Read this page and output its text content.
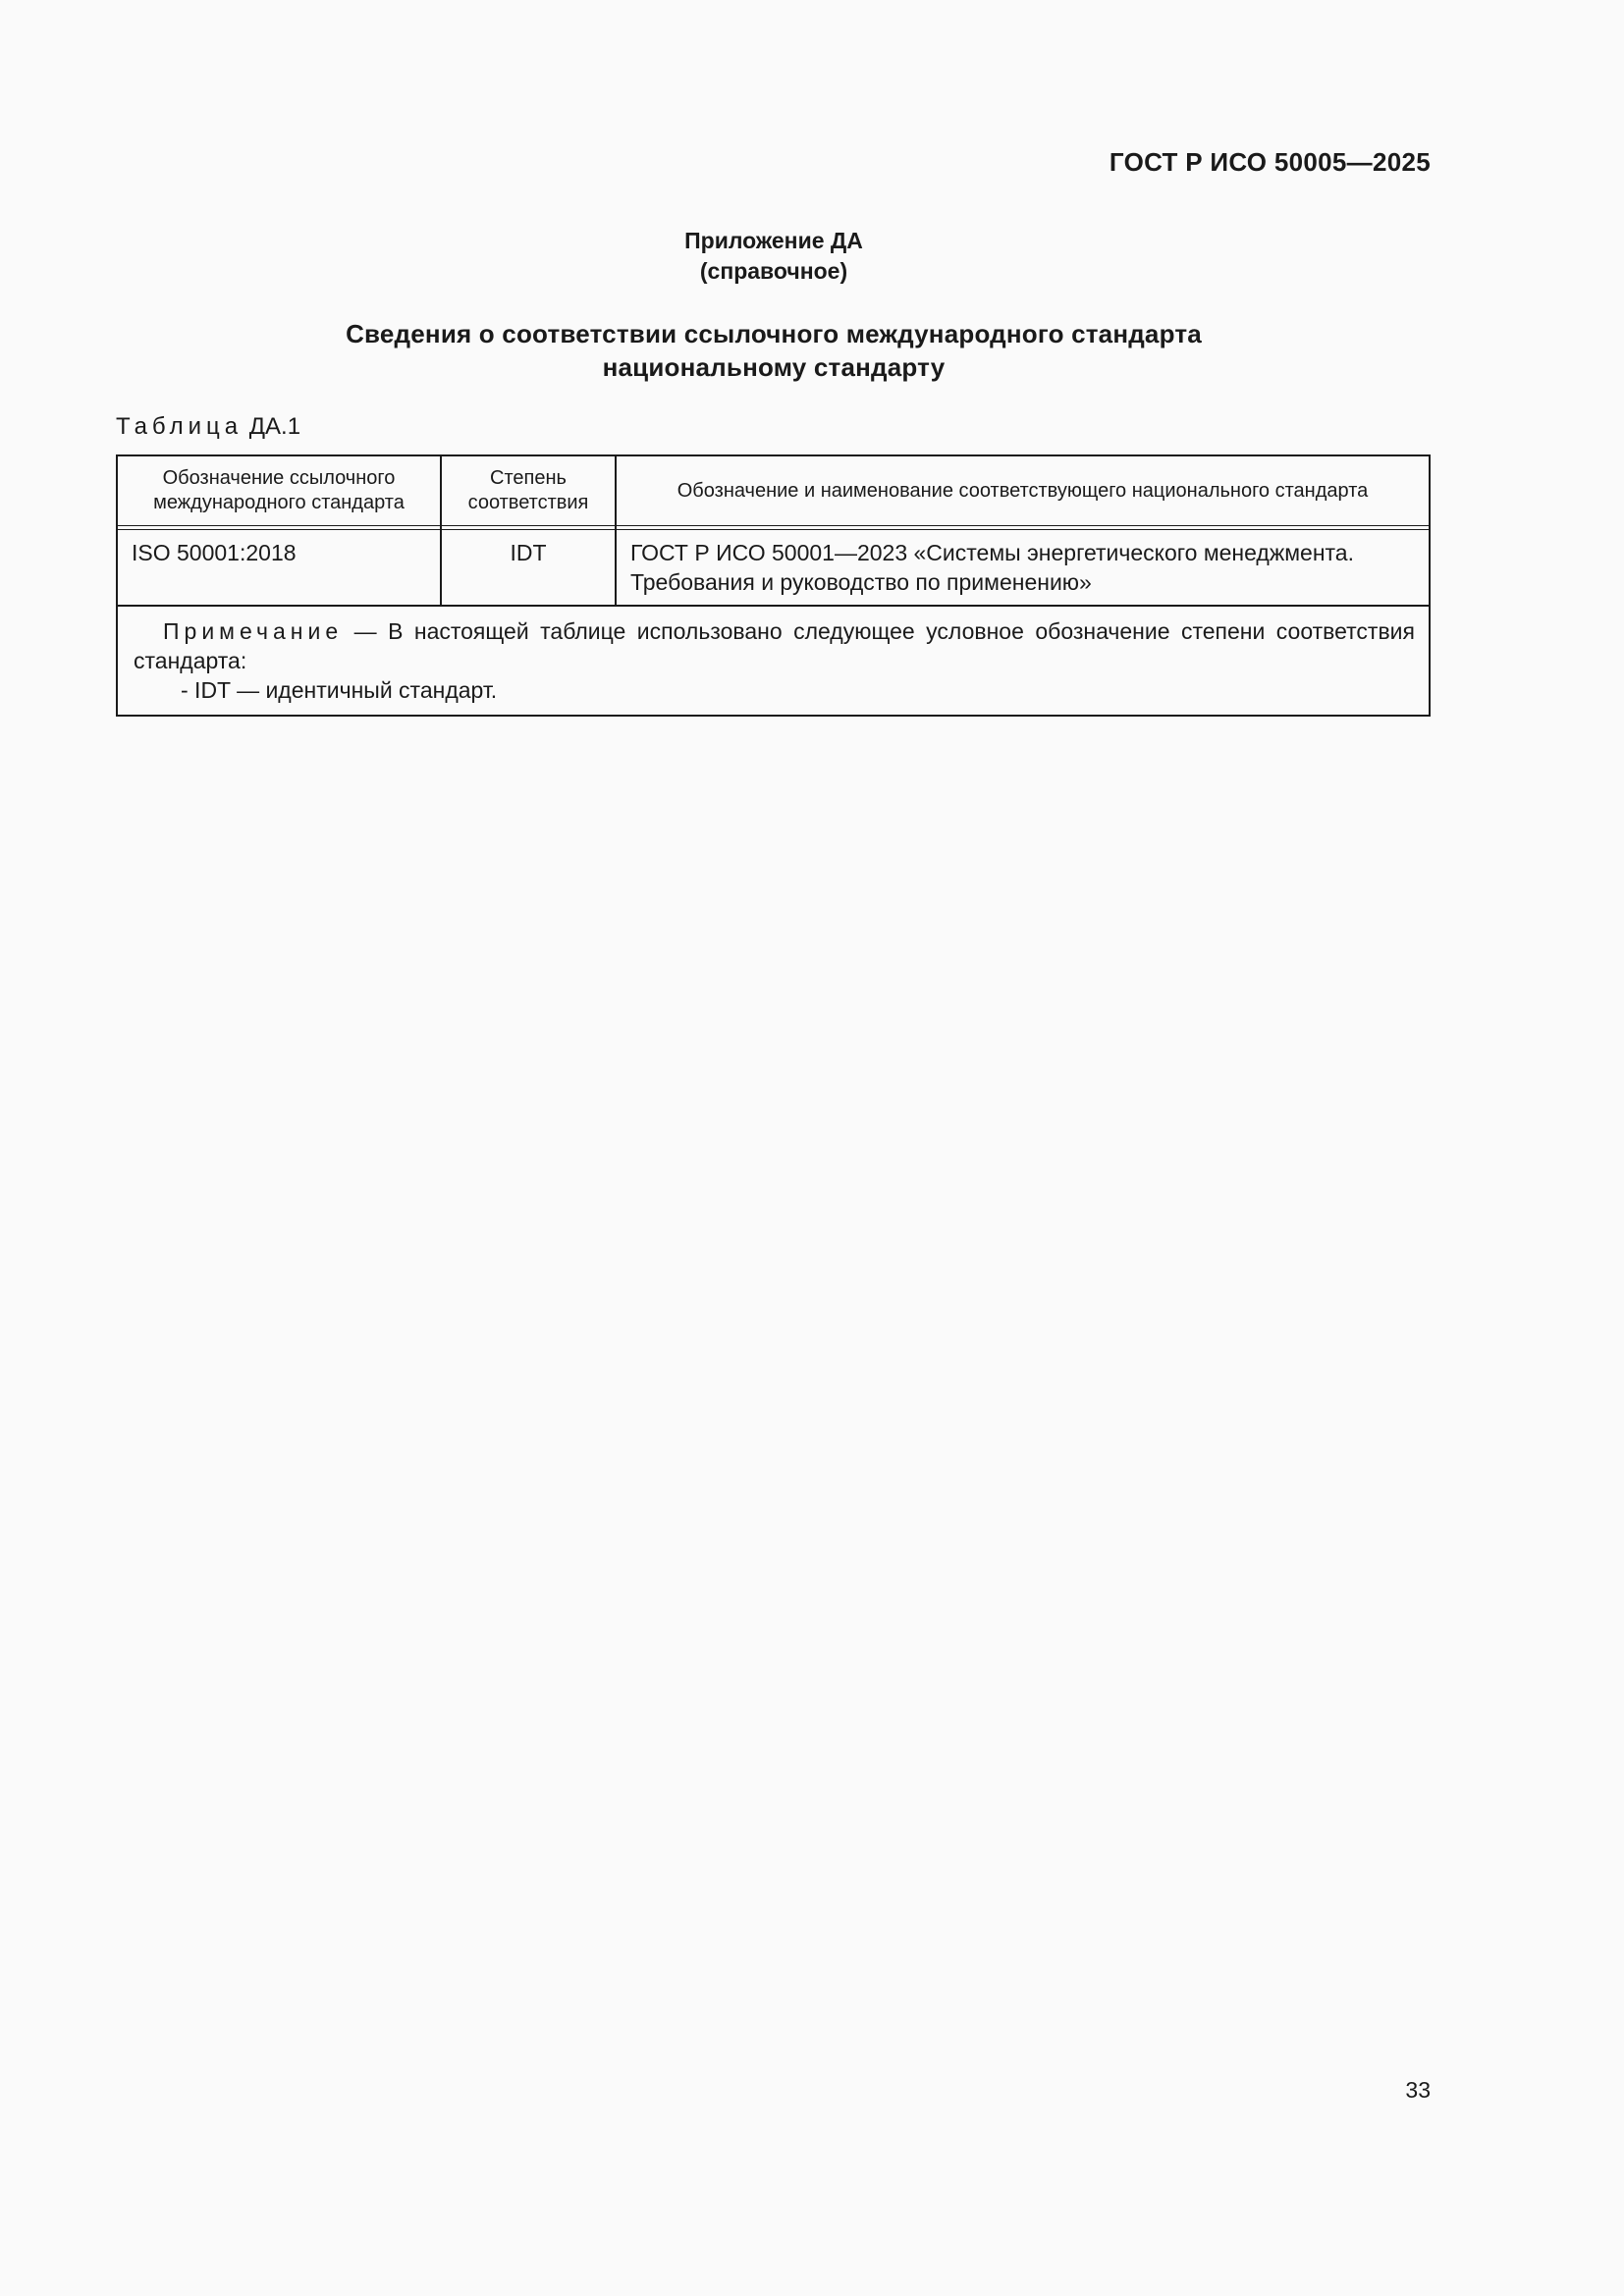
ГОСТ Р ИСО 50005—2025
Приложение ДА
(справочное)
Сведения о соответствии ссылочного международного стандарта
национальному стандарту
Таблица ДА.1
Обозначение ссылочного международного стандарта
Степень соответствия
Обозначение и наименование соответствующего национального стандарта
ISO 50001:2018	IDT	ГОСТ Р ИСО 50001—2023 «Системы энергетического менеджмента. Требования и руководство по применению»
Примечание — В настоящей таблице использовано следующее условное обозначение степени соответствия стандарта:
- IDT — идентичный стандарт.
33
